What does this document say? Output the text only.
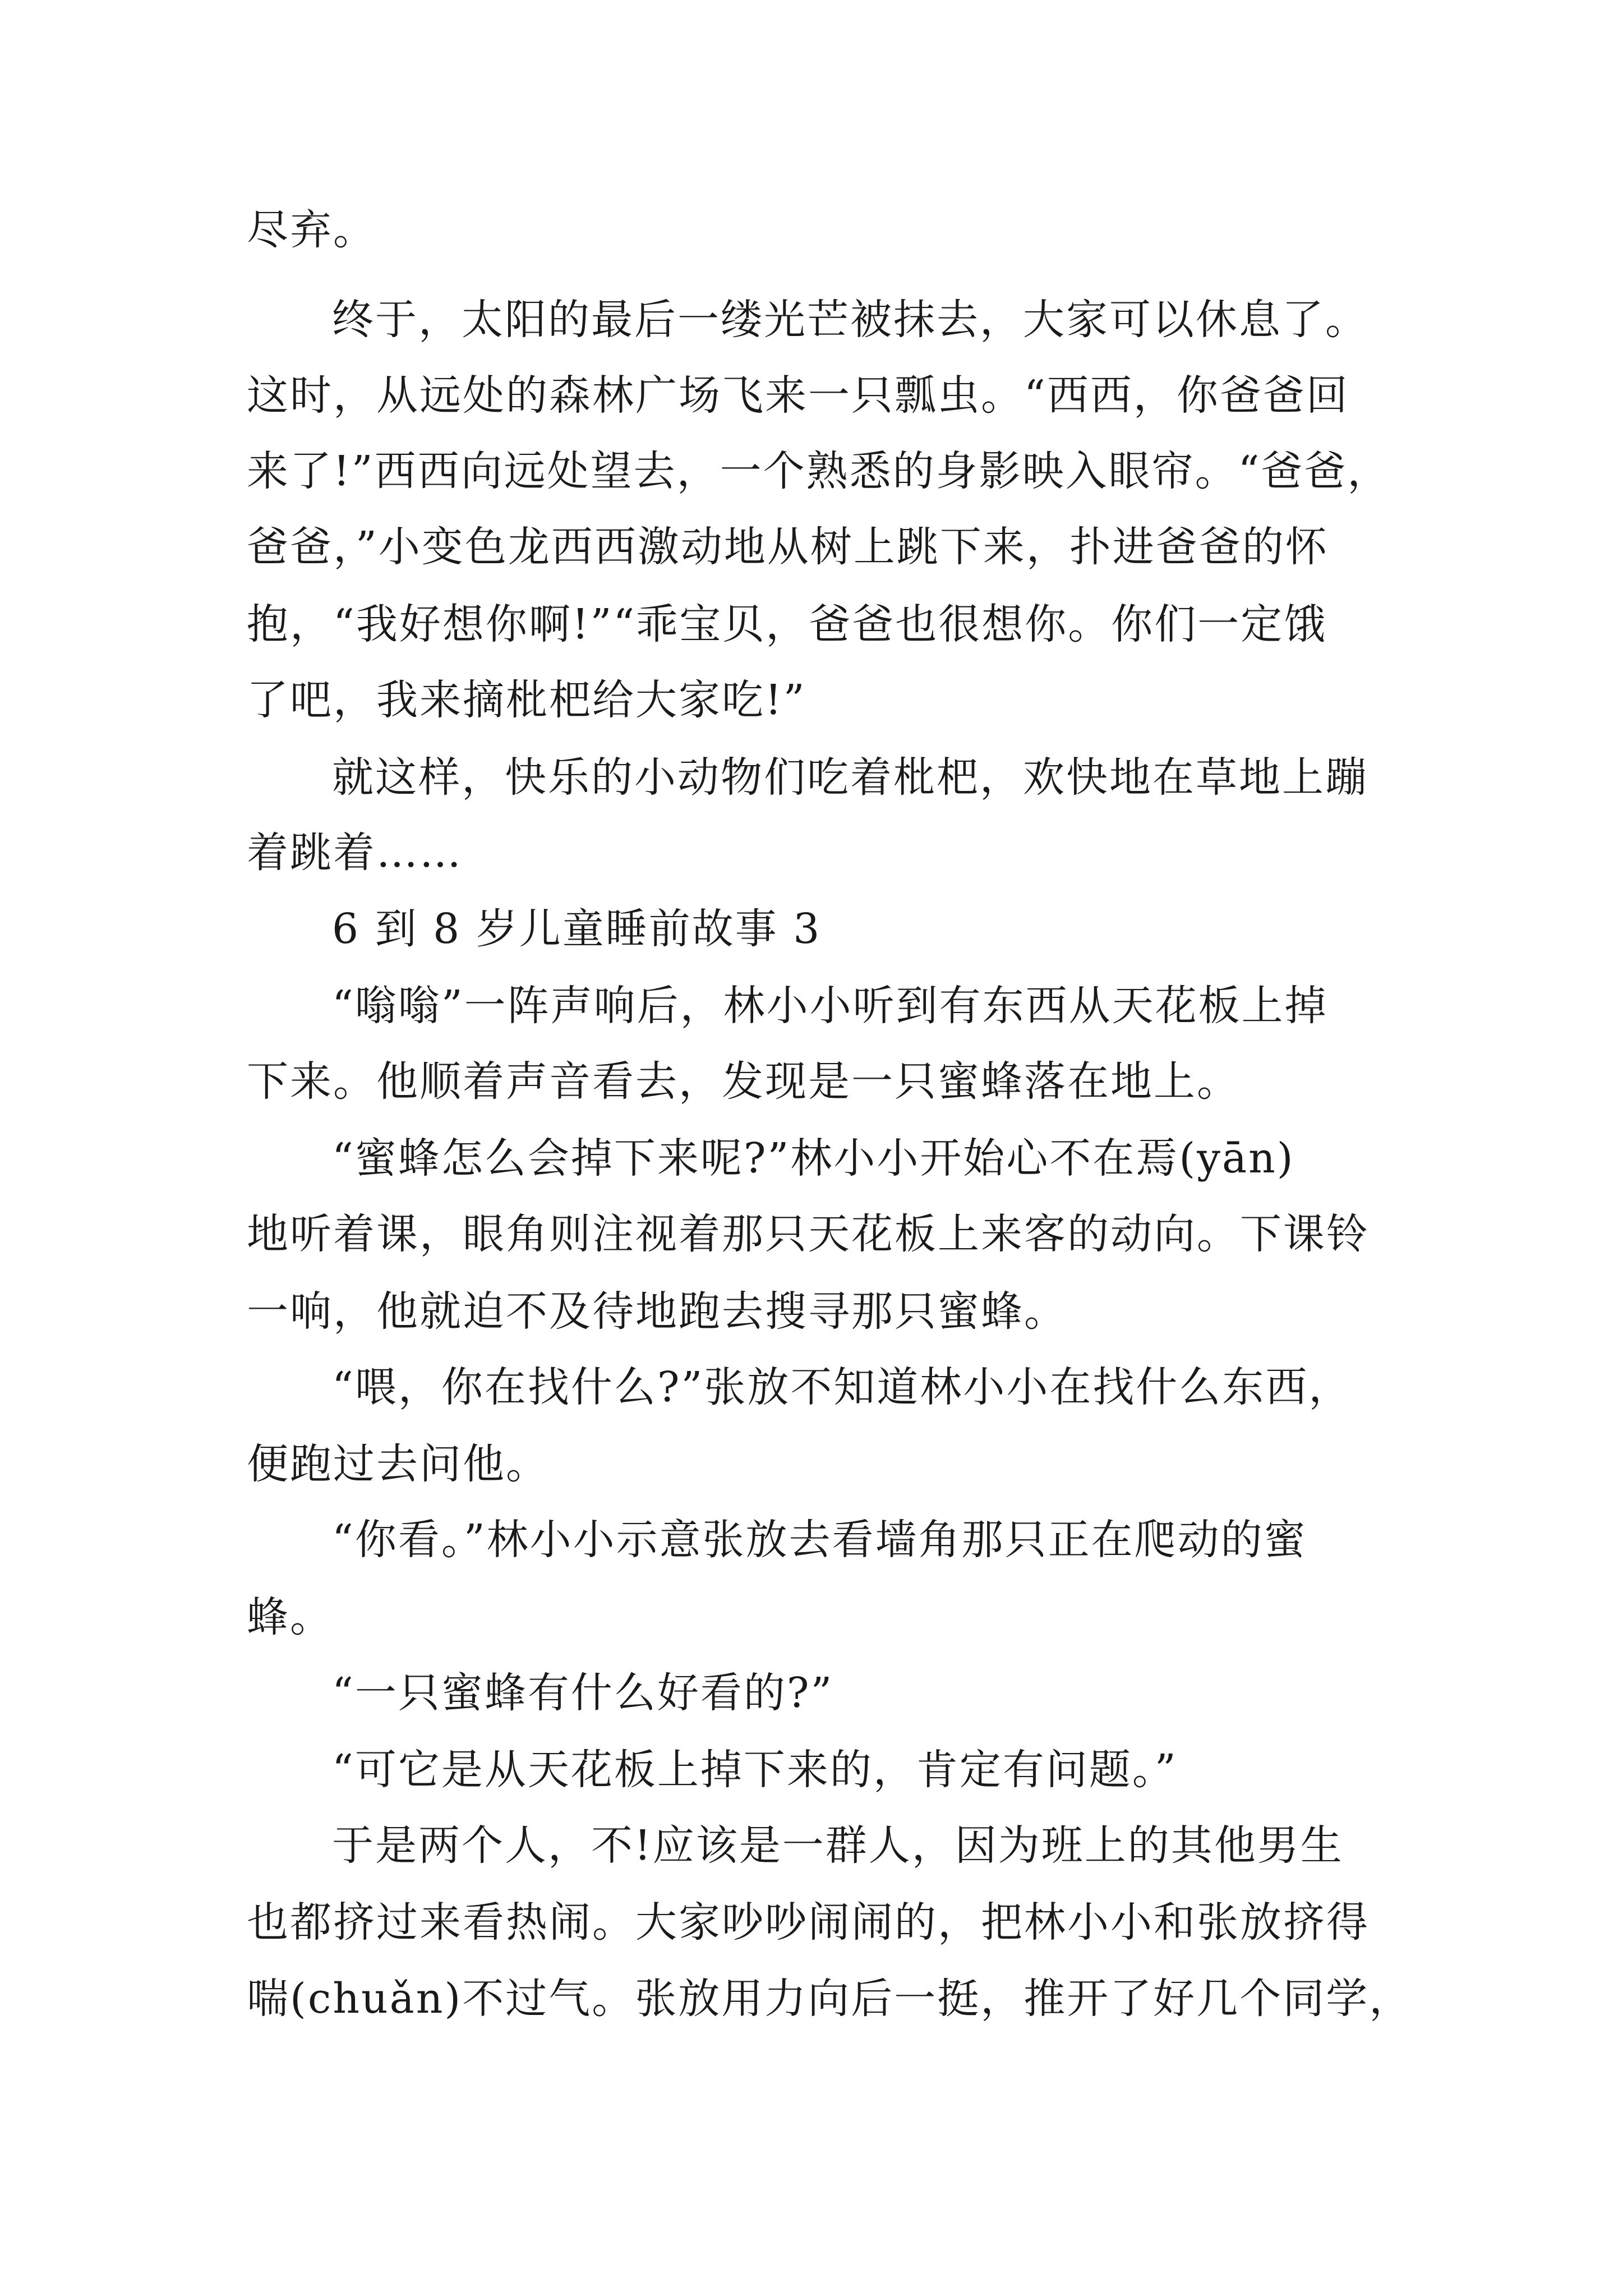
尽弃。
终于，太阳的最后一缕光芒被抹去，大家可以休息了。
这时，从远处的森林广场飞来一只瓢虫。“西西，你爸爸回
来了!”西西向远处望去，一个熟悉的身影映入眼帘。“爸爸，
爸爸，”小变色龙西西激动地从树上跳下来，扑进爸爸的怀
抱，“我好想你啊!”“乖宝贝，爸爸也很想你。你们一定饿
了吧，我来摘枇杷给大家吃!”
就这样，快乐的小动物们吃着枇杷，欢快地在草地上蹦
着跳着……
6 到 8 岁儿童睡前故事 3
“嗡嗡”一阵声响后，林小小听到有东西从天花板上掉
下来。他顺着声音看去，发现是一只蜜蜂落在地上。
“蜜蜂怎么会掉下来呢?”林小小开始心不在焉(yān)
地听着课，眼角则注视着那只天花板上来客的动向。下课铃
一响，他就迫不及待地跑去搜寻那只蜜蜂。
“喂，你在找什么?”张放不知道林小小在找什么东西，
便跑过去问他。
“你看。”林小小示意张放去看墙角那只正在爬动的蜜
蜂。
“一只蜜蜂有什么好看的?”
“可它是从天花板上掉下来的，肯定有问题。”
于是两个人，不!应该是一群人，因为班上的其他男生
也都挤过来看热闹。大家吵吵闹闹的，把林小小和张放挤得
喘(chuǎn)不过气。张放用力向后一挺，推开了好几个同学，
